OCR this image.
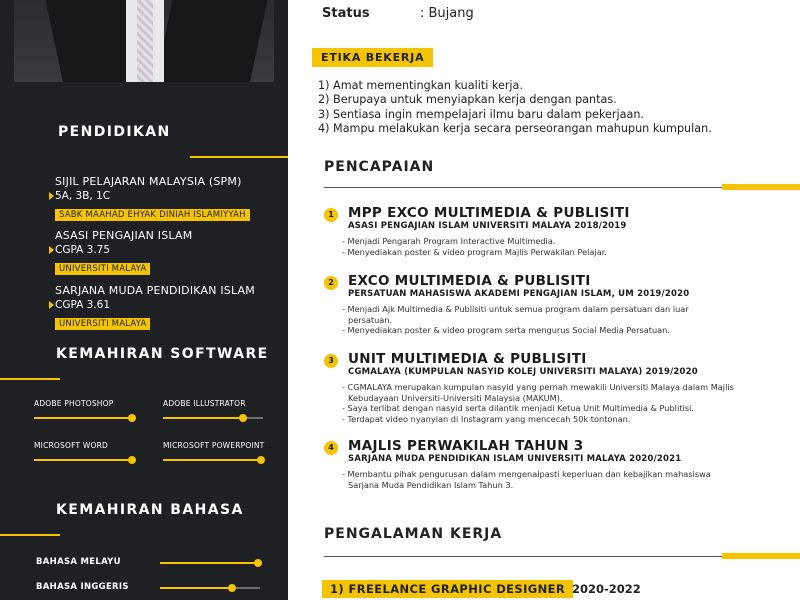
PENDIDIKAN
SIJIL PELAJARAN MALAYSIA (SPM)
5A, 3B, 1C
SABK MAAHAD EHYAK DINIAH ISLAMIYYAH
ASASI PENGAJIAN ISLAM
CGPA 3.75
UNIVERSITI MALAYA
SARJANA MUDA PENDIDIKAN ISLAM
CGPA 3.61
UNIVERSITI MALAYA
KEMAHIRAN SOFTWARE
ADOBE PHOTOSHOP	ADOBE ILLUSTRATOR
MICROSOFT WORD	MICROSOFT POWERPOINT
KEMAHIRAN BAHASA
BAHASA MELAYU
BAHASA INGGERIS

Status	: Bujang
ETIKA BEKERJA
1) Amat mementingkan kualiti kerja.
2) Berupaya untuk menyiapkan kerja dengan pantas.
3) Sentiasa ingin mempelajari ilmu baru dalam pekerjaan.
4) Mampu melakukan kerja secara perseorangan mahupun kumpulan.
PENCAPAIAN
1	MPP EXCO MULTIMEDIA & PUBLISITI
ASASI PENGAJIAN ISLAM UNIVERSITI MALAYA 2018/2019
- Menjadi Pengarah Program Interactive Multimedia.
- Menyediakan poster & video program Majlis Perwakilan Pelajar.
2	EXCO MULTIMEDIA & PUBLISITI
PERSATUAN MAHASISWA AKADEMI PENGAJIAN ISLAM, UM 2019/2020
- Menjadi Ajk Multimedia & Publisiti untuk semua program dalam persatuan dan luar persatuan.
- Menyediakan poster & video program serta mengurus Social Media Persatuan.
3	UNIT MULTIMEDIA & PUBLISITI
CGMALAYA (KUMPULAN NASYID KOLEJ UNIVERSITI MALAYA) 2019/2020
- CGMALAYA merupakan kumpulan nasyid yang pernah mewakili Universiti Malaya dalam Majlis Kebudayaan Universiti-Universiti Malaysia (MAKUM).
- Saya terlibat dengan nasyid serta dilantik menjadi Ketua Unit Multimedia & Publitisi.
- Terdapat video nyanyian di Instagram yang mencecah 50k tontonan.
4	MAJLIS PERWAKILAH TAHUN 3
SARJANA MUDA PENDIDIKAN ISLAM UNIVERSITI MALAYA 2020/2021
- Membantu pihak pengurusan dalam mengenalpasti keperluan dan kebajikan mahasiswa Sarjana Muda Pendidikan Islam Tahun 3.
PENGALAMAN KERJA
1) FREELANCE GRAPHIC DESIGNER 2020-2022
